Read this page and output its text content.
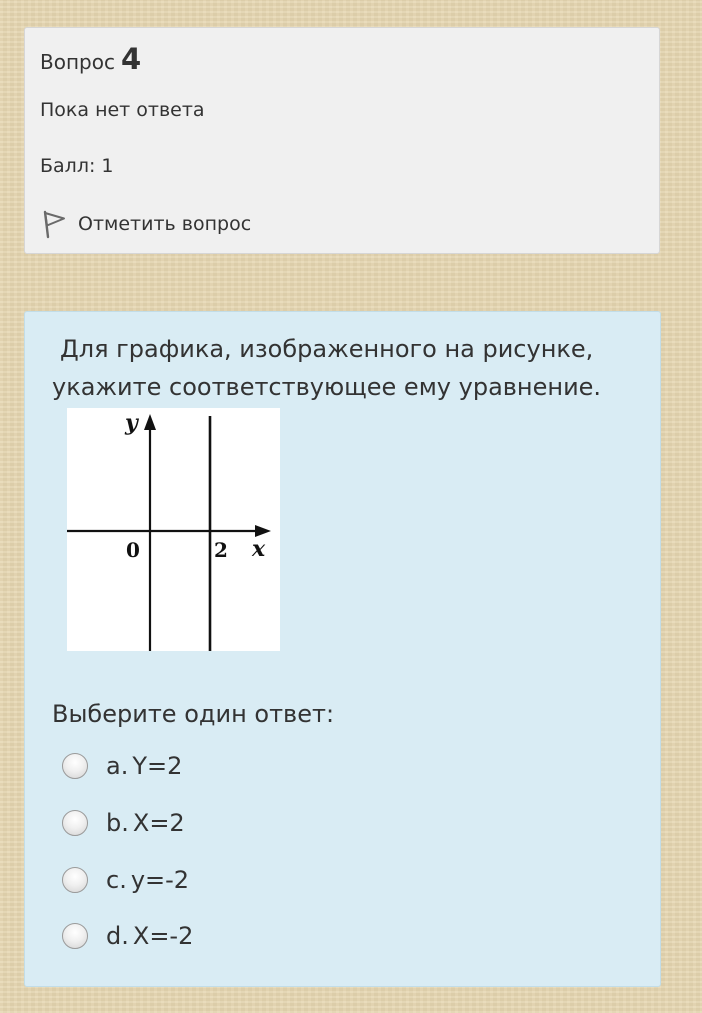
Вопрос 4
Пока нет ответа
Балл: 1
Отметить вопрос
Для графика, изображенного на рисунке,
укажите соответствующее ему уравнение.
y
0	2 x
Выберите один ответ:
a. Y=2
b. X=2
c. y=-2
d. X=-2
